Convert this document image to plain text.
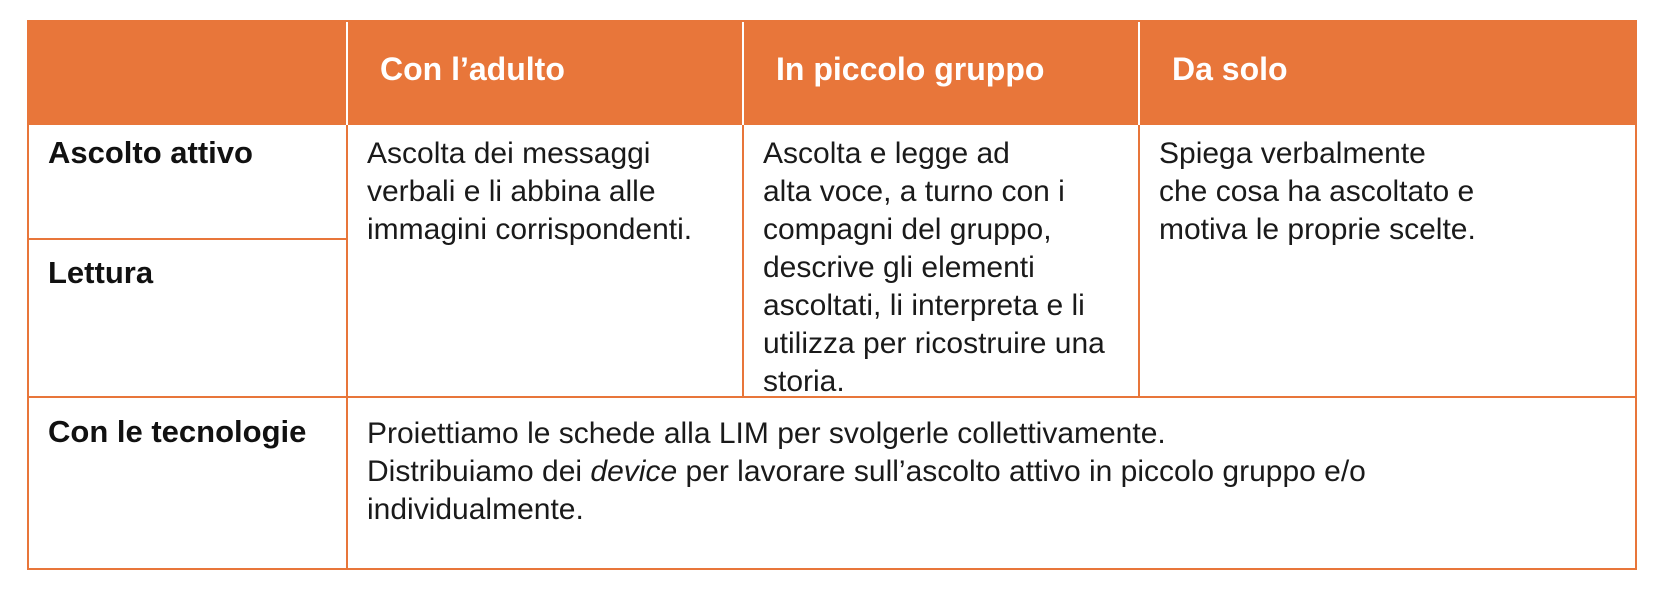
Con l’adulto	In piccolo gruppo	Da solo
Ascolto attivo
Lettura
Con le tecnologie
Ascolta dei messaggi
verbali e li abbina alle
immagini corrispondenti.
Ascolta e legge ad
alta voce, a turno con i
compagni del gruppo,
descrive gli elementi
ascoltati, li interpreta e li
utilizza per ricostruire una
storia.
Spiega verbalmente
che cosa ha ascoltato e
motiva le proprie scelte.
Proiettiamo le schede alla LIM per svolgerle collettivamente.
Distribuiamo dei device per lavorare sull’ascolto attivo in piccolo gruppo e/o
individualmente.
